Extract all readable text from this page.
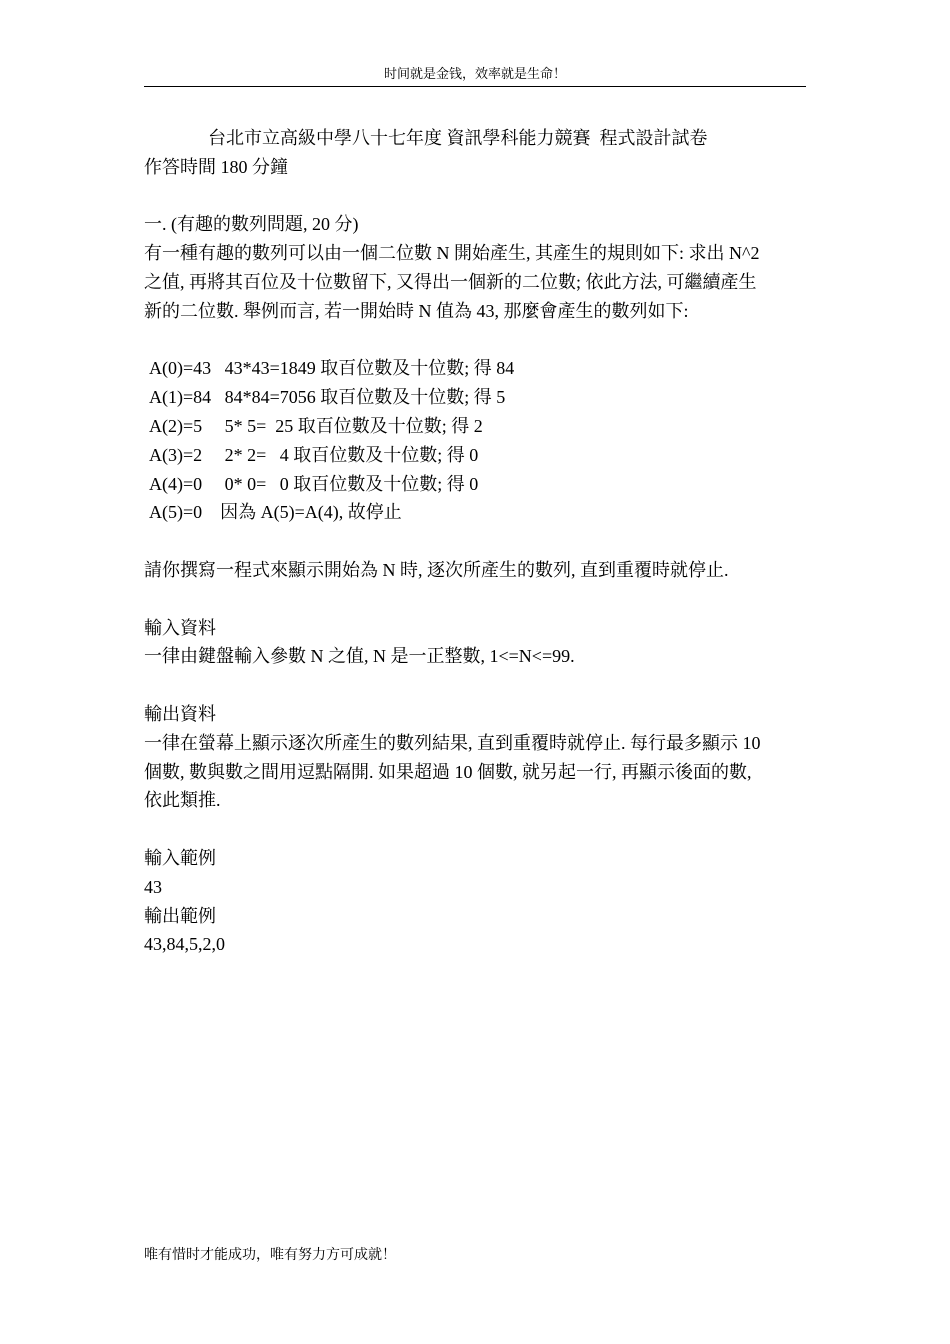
时间就是金钱，效率就是生命！
台北市立高級中學八十七年度 資訊學科能力競賽  程式設計試卷
作答時間 180 分鐘
一. (有趣的數列問題, 20 分)
有一種有趣的數列可以由一個二位數 N 開始產生, 其產生的規則如下: 求出 N^2
之值, 再將其百位及十位數留下, 又得出一個新的二位數; 依此方法, 可繼續產生
新的二位數. 舉例而言, 若一開始時 N 值為 43, 那麼會產生的數列如下:
A(0)=43   43*43=1849 取百位數及十位數; 得 84
A(1)=84   84*84=7056 取百位數及十位數; 得 5
A(2)=5     5* 5=  25 取百位數及十位數; 得 2
A(3)=2     2* 2=   4 取百位數及十位數; 得 0
A(4)=0     0* 0=   0 取百位數及十位數; 得 0
A(5)=0    因為 A(5)=A(4), 故停止
請你撰寫一程式來顯示開始為 N 時, 逐次所產生的數列, 直到重覆時就停止.
輸入資料
一律由鍵盤輸入參數 N 之值, N 是一正整數, 1<=N<=99.
輸出資料
一律在螢幕上顯示逐次所產生的數列結果, 直到重覆時就停止. 每行最多顯示 10
個數, 數與數之間用逗點隔開. 如果超過 10 個數, 就另起一行, 再顯示後面的數,
依此類推.
輸入範例
43
輸出範例
43,84,5,2,0
唯有惜时才能成功，唯有努力方可成就！
